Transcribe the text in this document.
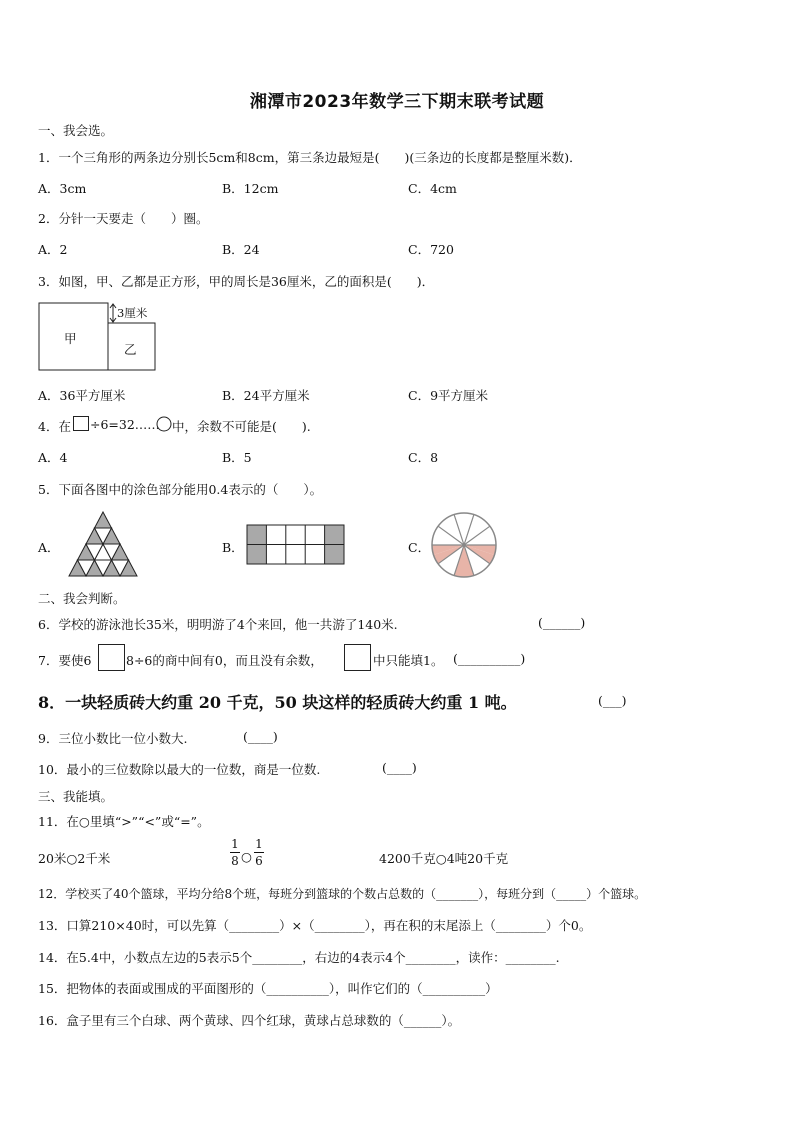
湘潭市2023年数学三下期末联考试题
一、我会选。
1．一个三角形的两条边分别长5cm和8cm，第三条边最短是(　　)(三条边的长度都是整厘米数)．
A．3cm	B．12cm	C．4cm
2．分针一天要走（　　）圈。
A．2	B．24	C．720
3．如图，甲、乙都是正方形，甲的周长是36厘米，乙的面积是(　　)．
甲
乙
3厘米
A．36平方厘米	B．24平方厘米	C．9平方厘米
4．在 ÷6=32…… 中，余数不可能是(　　).
A．4	B．5	C．8
5．下面各图中的涂色部分能用0.4表示的（　　）。
A．	B．	C．
二、我会判断。
6．学校的游泳池长35米，明明游了4个来回，他一共游了140米.	(______)
7．要使6	8÷6的商中间有0，而且没有余数，	中只能填1。 (__________)
8．一块轻质砖大约重 20 千克，50 块这样的轻质砖大约重 1 吨。	(___)
9．三位小数比一位小数大.	(____)
10．最小的三位数除以最大的一位数，商是一位数.	(____)
三、我能填。
11．在○里填“>”“<”或“=”。
20米○2千米
1
8 ○
1
6	4200千克○4吨20千克
12．学校买了40个篮球，平均分给8个班，每班分到篮球的个数占总数的（_______），每班分到（_____）个篮球。
13．口算210×40时，可以先算（________）×（________），再在积的末尾添上（________）个0。
14．在5.4中，小数点左边的5表示5个________，右边的4表示4个________，读作：________.
15．把物体的表面或围成的平面图形的（__________），叫作它们的（__________）
16．盒子里有三个白球、两个黄球、四个红球，黄球占总球数的（______）。
